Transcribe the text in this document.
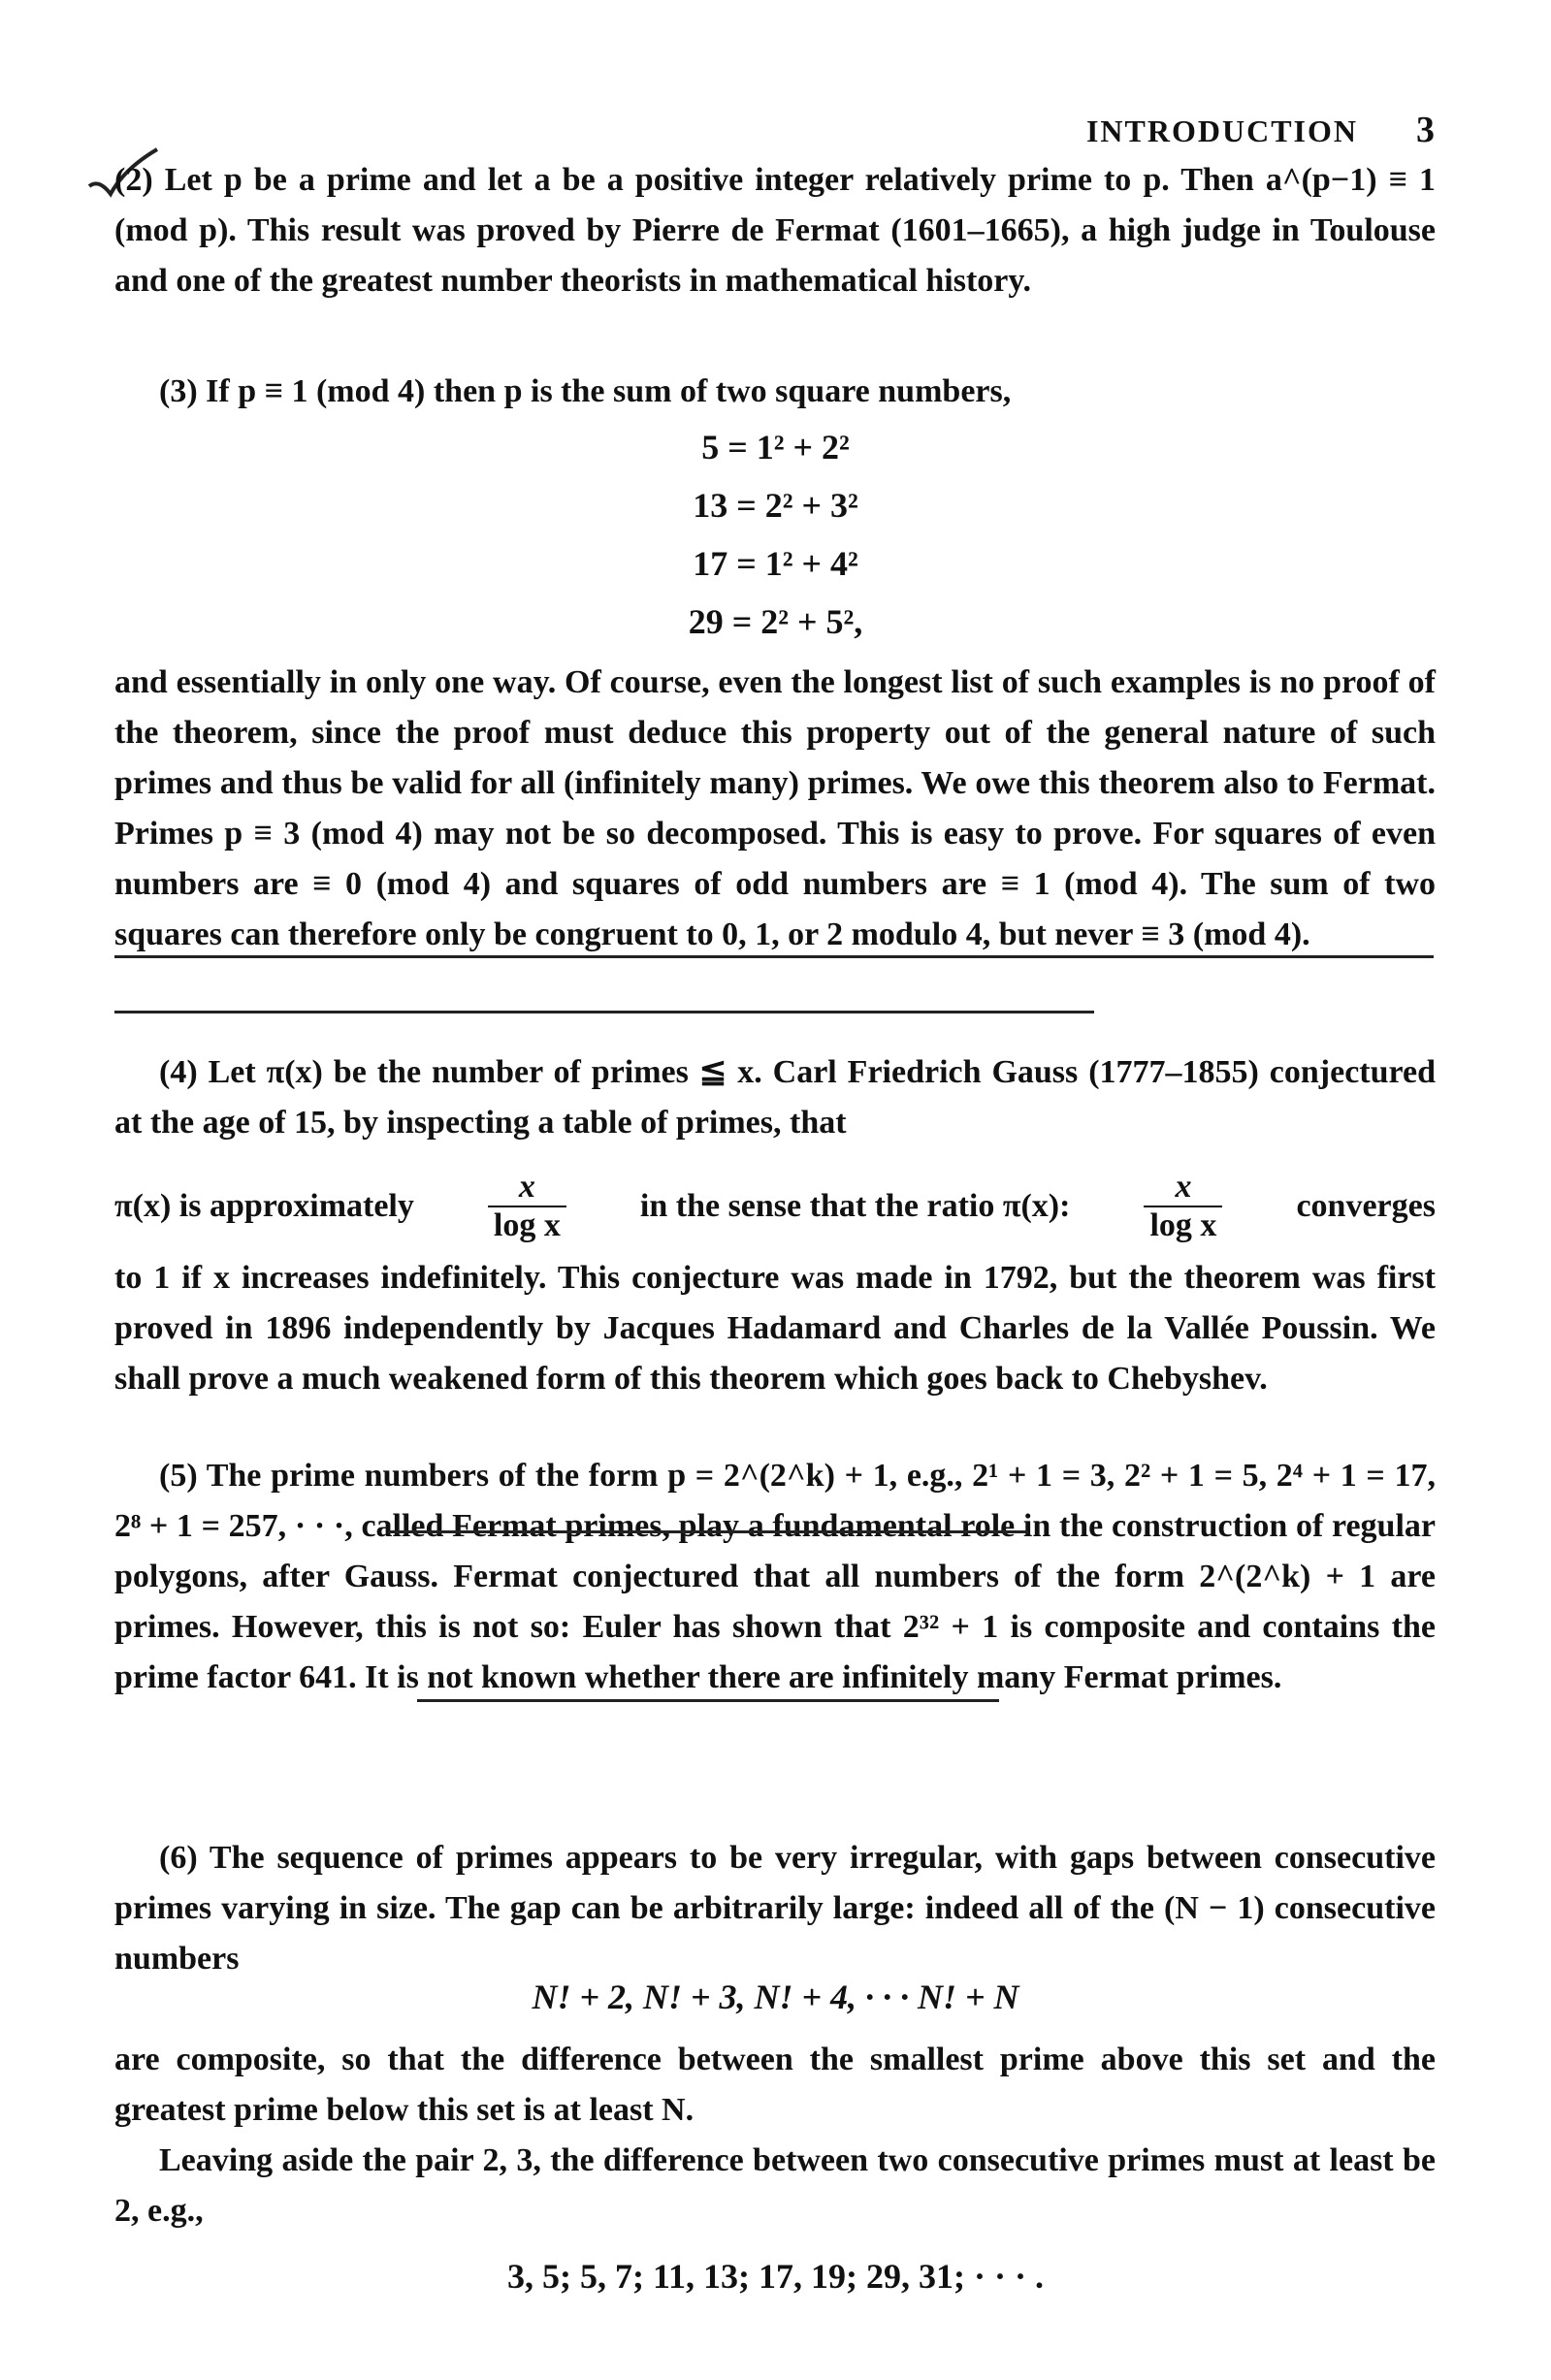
INTRODUCTION 3

(2) Let p be a prime and let a be a positive integer relatively prime to p. Then a^(p−1) ≡ 1 (mod p). This result was proved by Pierre de Fermat (1601–1665), a high judge in Toulouse and one of the greatest number theorists in mathematical history.

(3) If p ≡ 1 (mod 4) then p is the sum of two square numbers,

5 = 1² + 2²
13 = 2² + 3²
17 = 1² + 4²
29 = 2² + 5²,

and essentially in only one way. Of course, even the longest list of such examples is no proof of the theorem, since the proof must deduce this property out of the general nature of such primes and thus be valid for all (infinitely many) primes. We owe this theorem also to Fermat. Primes p ≡ 3 (mod 4) may not be so decomposed. This is easy to prove. For squares of even numbers are ≡ 0 (mod 4) and squares of odd numbers are ≡ 1 (mod 4). The sum of two squares can therefore only be congruent to 0, 1, or 2 modulo 4, but never ≡ 3 (mod 4).

(4) Let π(x) be the number of primes ≦ x. Carl Friedrich Gauss (1777–1855) conjectured at the age of 15, by inspecting a table of primes, that

π(x) is approximately $\frac{x}{\text{log x}}$ in the sense that the ratio π(x): $\frac{x}{\text{log x}}$ converges

to 1 if x increases indefinitely. This conjecture was made in 1792, but the theorem was first proved in 1896 independently by Jacques Hadamard and Charles de la Vallée Poussin. We shall prove a much weakened form of this theorem which goes back to Chebyshev.

(5) The prime numbers of the form p = 2^(2^k) + 1, e.g., 2¹ + 1 = 3, 2² + 1 = 5, 2⁴ + 1 = 17, 2⁸ + 1 = 257, · · ·, called Fermat primes, play a fundamental role in the construction of regular polygons, after Gauss. Fermat conjectured that all numbers of the form 2^(2^k) + 1 are primes. However, this is not so: Euler has shown that 2³² + 1 is composite and contains the prime factor 641. It is not known whether there are infinitely many Fermat primes.

(6) The sequence of primes appears to be very irregular, with gaps between consecutive primes varying in size. The gap can be arbitrarily large: indeed all of the (N − 1) consecutive numbers

N! + 2, N! + 3, N! + 4, · · · N! + N

are composite, so that the difference between the smallest prime above this set and the greatest prime below this set is at least N.

Leaving aside the pair 2, 3, the difference between two consecutive primes must at least be 2, e.g.,

3, 5; 5, 7; 11, 13; 17, 19; 29, 31; · · · .
